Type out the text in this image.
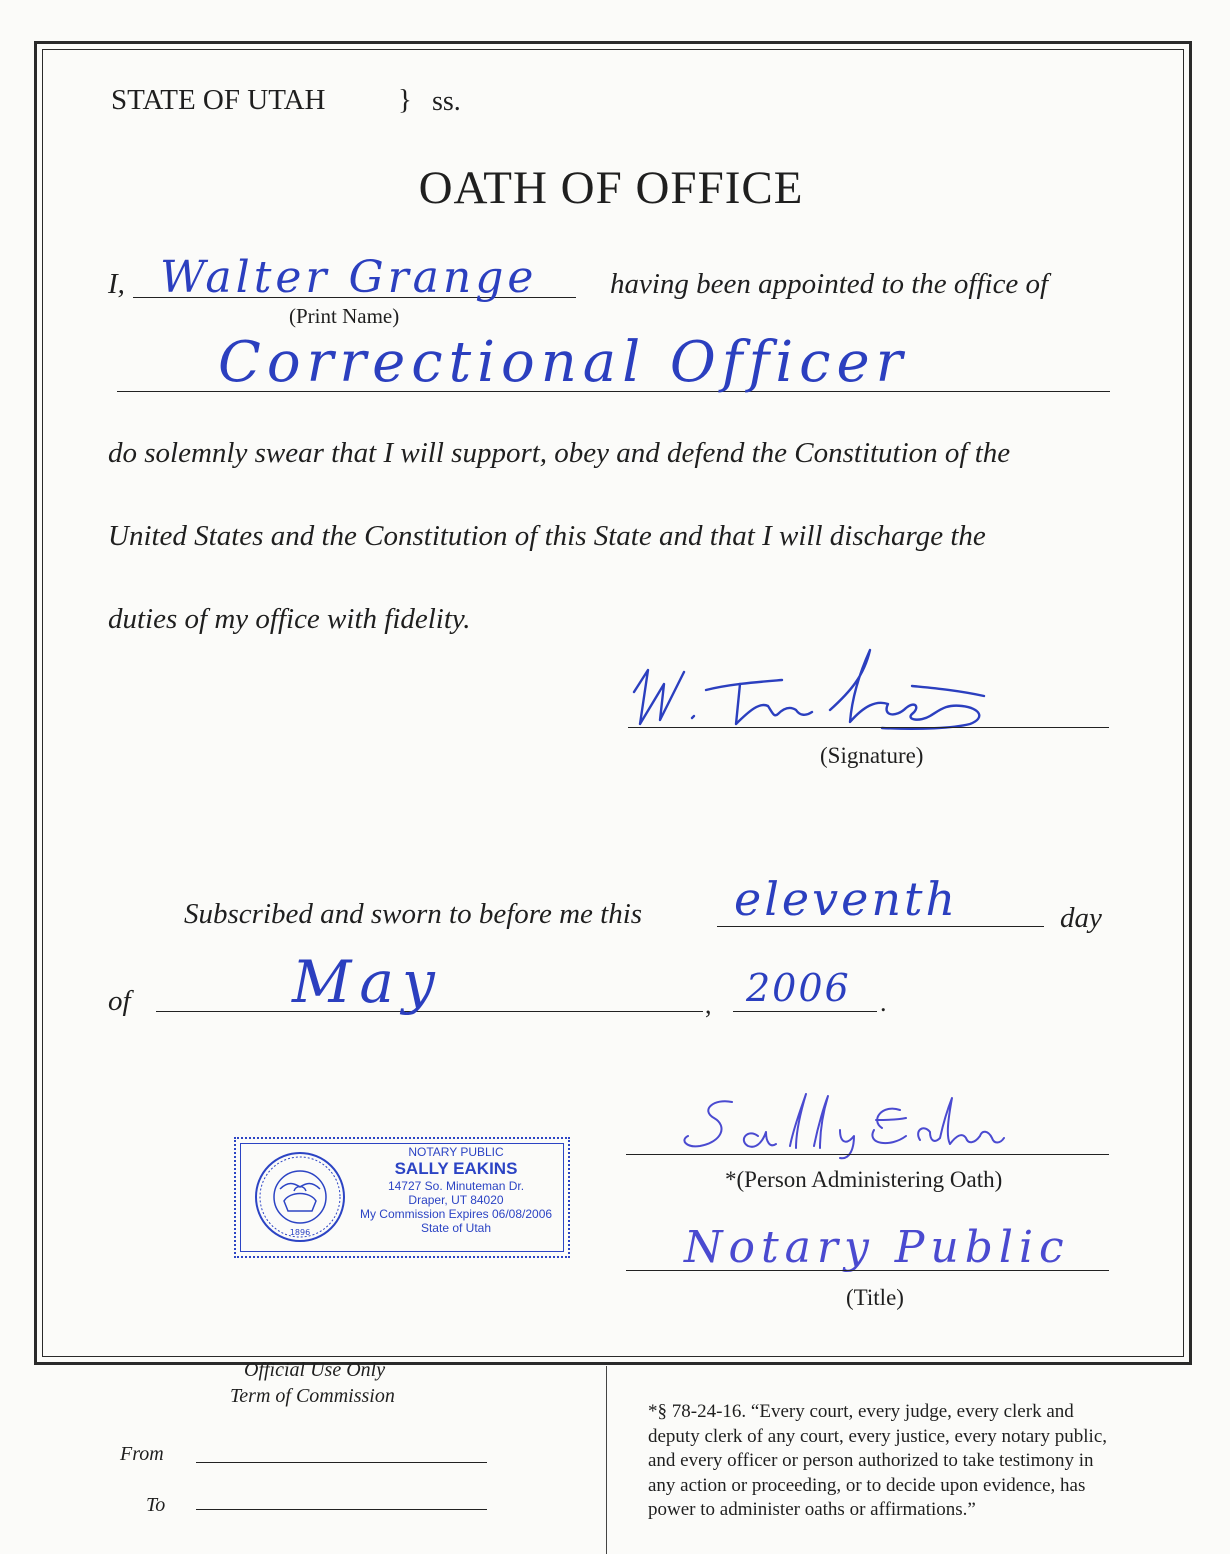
STATE OF UTAH	} ss.
OATH OF OFFICE
I, Walter Grange
(Print Name)
having been appointed to the office of
Correctional Officer
do solemnly swear that I will support, obey and defend the Constitution of the
United States and the Constitution of this State and that I will discharge the
duties of my office with fidelity.
(Signature)
Subscribed and sworn to before me this eleventh	day
of	May	, 2006 .
*(Person Administering Oath)
1896
NOTARY PUBLIC
SALLY EAKINS
14727 So. Minuteman Dr.
Draper, UT 84020
My Commission Expires 06/08/2006
State of Utah	Notary Public
(Title)
Official Use Only
Term of Commission
From
To
*§ 78-24-16. “Every court, every judge, every clerk and
deputy clerk of any court, every justice, every notary public,
and every officer or person authorized to take testimony in
any action or proceeding, or to decide upon evidence, has
power to administer oaths or affirmations.”
